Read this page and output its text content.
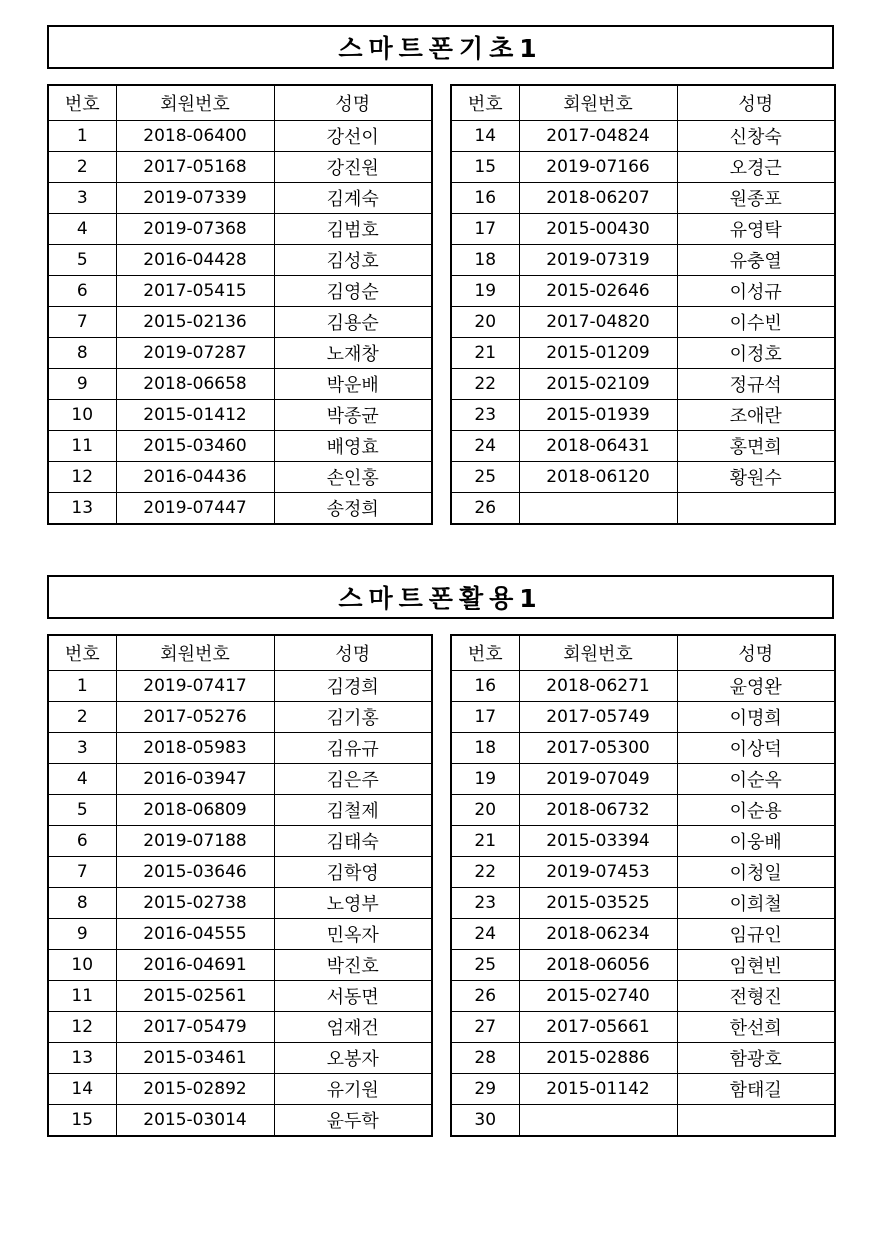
스마트폰기초1
번호	회원번호	성명
1	2018-06400	강선이
2	2017-05168	강진원
3	2019-07339	김계숙
4	2019-07368	김범호
5	2016-04428	김성호
6	2017-05415	김영순
7	2015-02136	김용순
8	2019-07287	노재창
9	2018-06658	박운배
10	2015-01412	박종균
11	2015-03460	배영효
12	2016-04436	손인홍
13	2019-07447	송정희
번호	회원번호	성명
14	2017-04824	신창숙
15	2019-07166	오경근
16	2018-06207	원종포
17	2015-00430	유영탁
18	2019-07319	유충열
19	2015-02646	이성규
20	2017-04820	이수빈
21	2015-01209	이정호
22	2015-02109	정규석
23	2015-01939	조애란
24	2018-06431	홍면희
25	2018-06120	황원수
26		
스마트폰활용1
번호	회원번호	성명
1	2019-07417	김경희
2	2017-05276	김기홍
3	2018-05983	김유규
4	2016-03947	김은주
5	2018-06809	김철제
6	2019-07188	김태숙
7	2015-03646	김학영
8	2015-02738	노영부
9	2016-04555	민옥자
10	2016-04691	박진호
11	2015-02561	서동면
12	2017-05479	엄재건
13	2015-03461	오봉자
14	2015-02892	유기원
15	2015-03014	윤두학
번호	회원번호	성명
16	2018-06271	윤영완
17	2017-05749	이명희
18	2017-05300	이상덕
19	2019-07049	이순옥
20	2018-06732	이순용
21	2015-03394	이웅배
22	2019-07453	이청일
23	2015-03525	이희철
24	2018-06234	임규인
25	2018-06056	임현빈
26	2015-02740	전형진
27	2017-05661	한선희
28	2015-02886	함광호
29	2015-01142	함태길
30		
